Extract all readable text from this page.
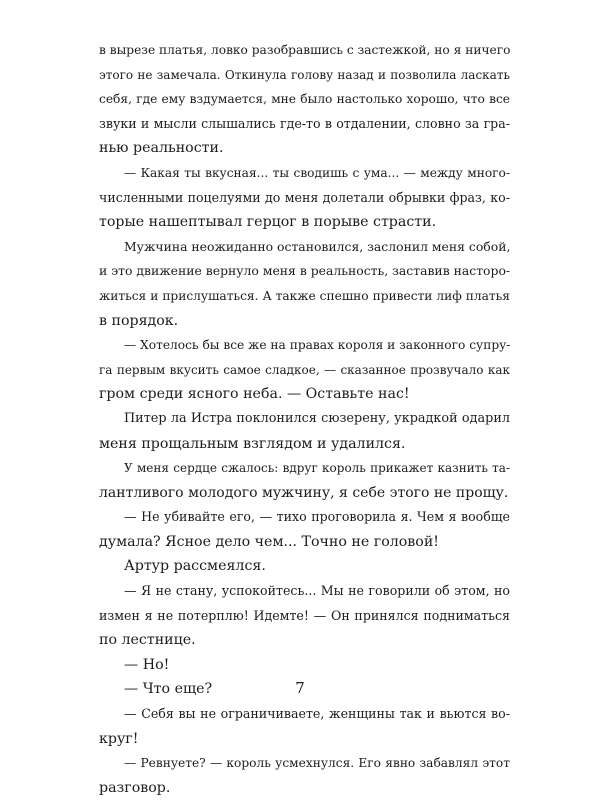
в вырезе платья, ловко разобравшись с застежкой, но я ничего
этого не замечала. Откинула голову назад и позволила ласкать
себя, где ему вздумается, мне было настолько хорошо, что все
звуки и мысли слышались где-то в отдалении, словно за гра-
нью реальности.
— Какая ты вкусная... ты сводишь с ума... — между много-
численными поцелуями до меня долетали обрывки фраз, ко-
торые нашептывал герцог в порыве страсти.
Мужчина неожиданно остановился, заслонил меня собой,
и это движение вернуло меня в реальность, заставив насторо-
житься и прислушаться. А также спешно привести лиф платья
в порядок.
— Хотелось бы все же на правах короля и законного супру-
га первым вкусить самое сладкое, — сказанное прозвучало как
гром среди ясного неба. — Оставьте нас!
Питер ла Истра поклонился сюзерену, украдкой одарил
меня прощальным взглядом и удалился.
У меня сердце сжалось: вдруг король прикажет казнить та-
лантливого молодого мужчину, я себе этого не прощу.
— Не убивайте его, — тихо проговорила я. Чем я вообще
думала? Ясное дело чем... Точно не головой!
Артур рассмеялся.
— Я не стану, успокойтесь... Мы не говорили об этом, но
измен я не потерплю! Идемте! — Он принялся подниматься
по лестнице.
— Но!
— Что еще?
— Себя вы не ограничиваете, женщины так и вьются во-
круг!
— Ревнуете? — король усмехнулся. Его явно забавлял этот
разговор.
7
